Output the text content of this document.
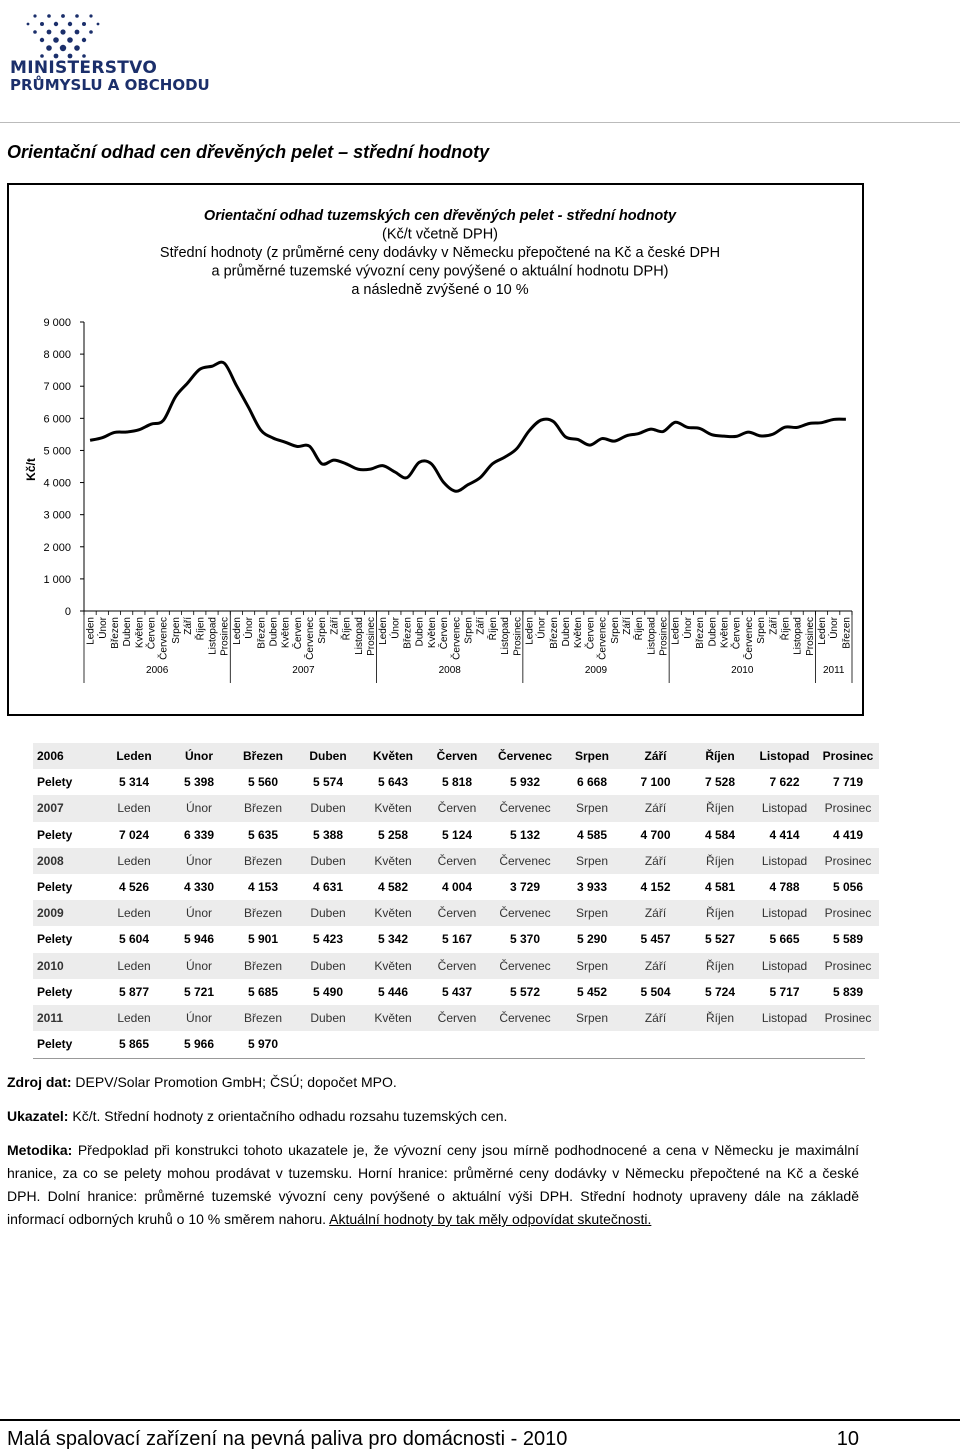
MINISTERSTVO
PRŮMYSLU A OBCHODU
Orientační odhad cen dřevěných pelet – střední hodnoty
Orientační odhad tuzemských cen dřevěných pelet - střední hodnoty
(Kč/t včetně DPH)
Střední hodnoty (z průměrné ceny dodávky v Německu přepočtené na Kč a české DPH
a průměrné tuzemské vývozní ceny povýšené o aktuální hodnotu DPH)
a následně zvýšené o 10 %
0
1 000
2 000
3 000
4 000
5 000
6 000
7 000
8 000
9 000
Kč/t
Leden Únor Březen Duben Květen Červen Červenec Srpen Září Říjen Listopad Prosinec Leden Únor Březen Duben Květen Červen Červenec Srpen Září Říjen Listopad Prosinec Leden Únor Březen Duben Květen Červen Červenec Srpen Září Říjen Listopad Prosinec Leden Únor Březen Duben Květen Červen Červenec Srpen Září Říjen Listopad Prosinec Leden Únor Březen Duben Květen Červen Červenec Srpen Září Říjen Listopad Prosinec Leden Únor Březen
2006	2007	2008	2009	2010	2011
2006	Leden	Únor	Březen	Duben	Květen	Červen	Červenec	Srpen	Září	Říjen	Listopad	Prosinec
Pelety	5 314	5 398	5 560	5 574	5 643	5 818	5 932	6 668	7 100	7 528	7 622	7 719
2007	Leden	Únor	Březen	Duben	Květen	Červen	Červenec	Srpen	Září	Říjen	Listopad	Prosinec
Pelety	7 024	6 339	5 635	5 388	5 258	5 124	5 132	4 585	4 700	4 584	4 414	4 419
2008	Leden	Únor	Březen	Duben	Květen	Červen	Červenec	Srpen	Září	Říjen	Listopad	Prosinec
Pelety	4 526	4 330	4 153	4 631	4 582	4 004	3 729	3 933	4 152	4 581	4 788	5 056
2009	Leden	Únor	Březen	Duben	Květen	Červen	Červenec	Srpen	Září	Říjen	Listopad	Prosinec
Pelety	5 604	5 946	5 901	5 423	5 342	5 167	5 370	5 290	5 457	5 527	5 665	5 589
2010	Leden	Únor	Březen	Duben	Květen	Červen	Červenec	Srpen	Září	Říjen	Listopad	Prosinec
Pelety	5 877	5 721	5 685	5 490	5 446	5 437	5 572	5 452	5 504	5 724	5 717	5 839
2011	Leden	Únor	Březen	Duben	Květen	Červen	Červenec	Srpen	Září	Říjen	Listopad	Prosinec
Pelety	5 865	5 966	5 970									
Zdroj dat: DEPV/Solar Promotion GmbH; ČSÚ; dopočet MPO.
Ukazatel: Kč/t. Střední hodnoty z orientačního odhadu rozsahu tuzemských cen.
Metodika: Předpoklad při konstrukci tohoto ukazatele je, že vývozní ceny jsou mírně podhodnocené a cena v Německu je maximální hranice, za co se pelety mohou prodávat v tuzemsku. Horní hranice: průměrné ceny dodávky v Německu přepočtené na Kč a české DPH. Dolní hranice: průměrné tuzemské vývozní ceny povýšené o aktuální výši DPH. Střední hodnoty upraveny dále na základě informací odborných kruhů o 10 % směrem nahoru. Aktuální hodnoty by tak měly odpovídat skutečnosti.
Malá spalovací zařízení na pevná paliva pro domácnosti - 2010	10
